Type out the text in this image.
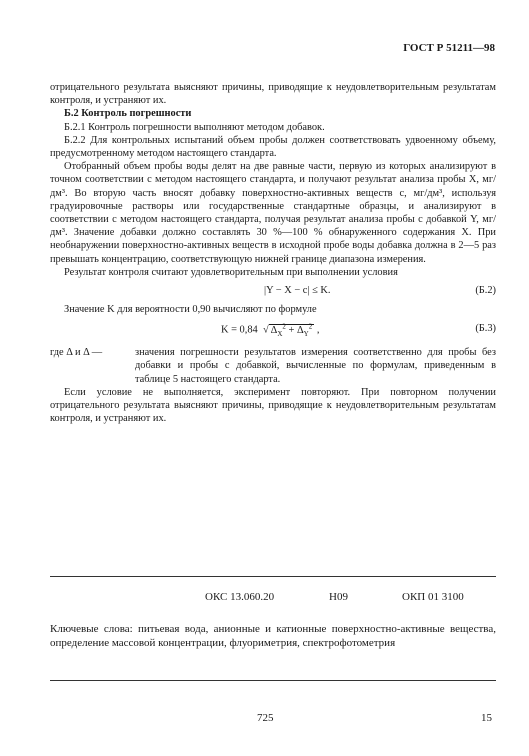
ГОСТ Р 51211—98

отрицательного результата выясняют причины, приводящие к неудовлетворительным результатам контроля, и устраняют их.

Б.2 Контроль погрешности

Б.2.1 Контроль погрешности выполняют методом добавок.

Б.2.2 Для контрольных испытаний объем пробы должен соответствовать удвоенному объему, предусмотренному методом настоящего стандарта.

Отобранный объем пробы воды делят на две равные части, первую из которых анализируют в точном соответствии с методом настоящего стандарта, и получают результат анализа пробы X, мг/дм³. Во вторую часть вносят добавку поверхностно-активных веществ c, мг/дм³, используя градуировочные растворы или государственные стандартные образцы, и анализируют в соответствии с методом настоящего стандарта, получая результат анализа пробы с добавкой Y, мг/дм³. Значение добавки должно составлять 30 %—100 % обнаруженного содержания X. При необнаружении поверхностно-активных веществ в исходной пробе воды добавка должна в 2—5 раз превышать концентрацию, соответствующую нижней границе диапазона измерения.

Результат контроля считают удовлетворительным при выполнении условия

|Y − X − c| ≤ K.	(Б.2)

Значение K для вероятности 0,90 вычисляют по формуле

K = 0,84  √ $\Delta_X^2 + \Delta_Y^2$ ,	(Б.3)
где Δ и Δ —	значения погрешности результатов измерения соответственно для пробы без добавки и пробы с добавкой, вычисленные по формулам, приведенным в таблице 5 настоящего стандарта.

Если условие не выполняется, эксперимент повторяют. При повторном получении отрицательного результата выясняют причины, приводящие к неудовлетворительным результатам контроля, и устраняют их.

ОКС 13.060.20	Н09	ОКП 01 3100
Ключевые слова: питьевая вода, анионные и катионные поверхностно-активные вещества, определение массовой концентрации, флуориметрия, спектрофотометрия
725	15
